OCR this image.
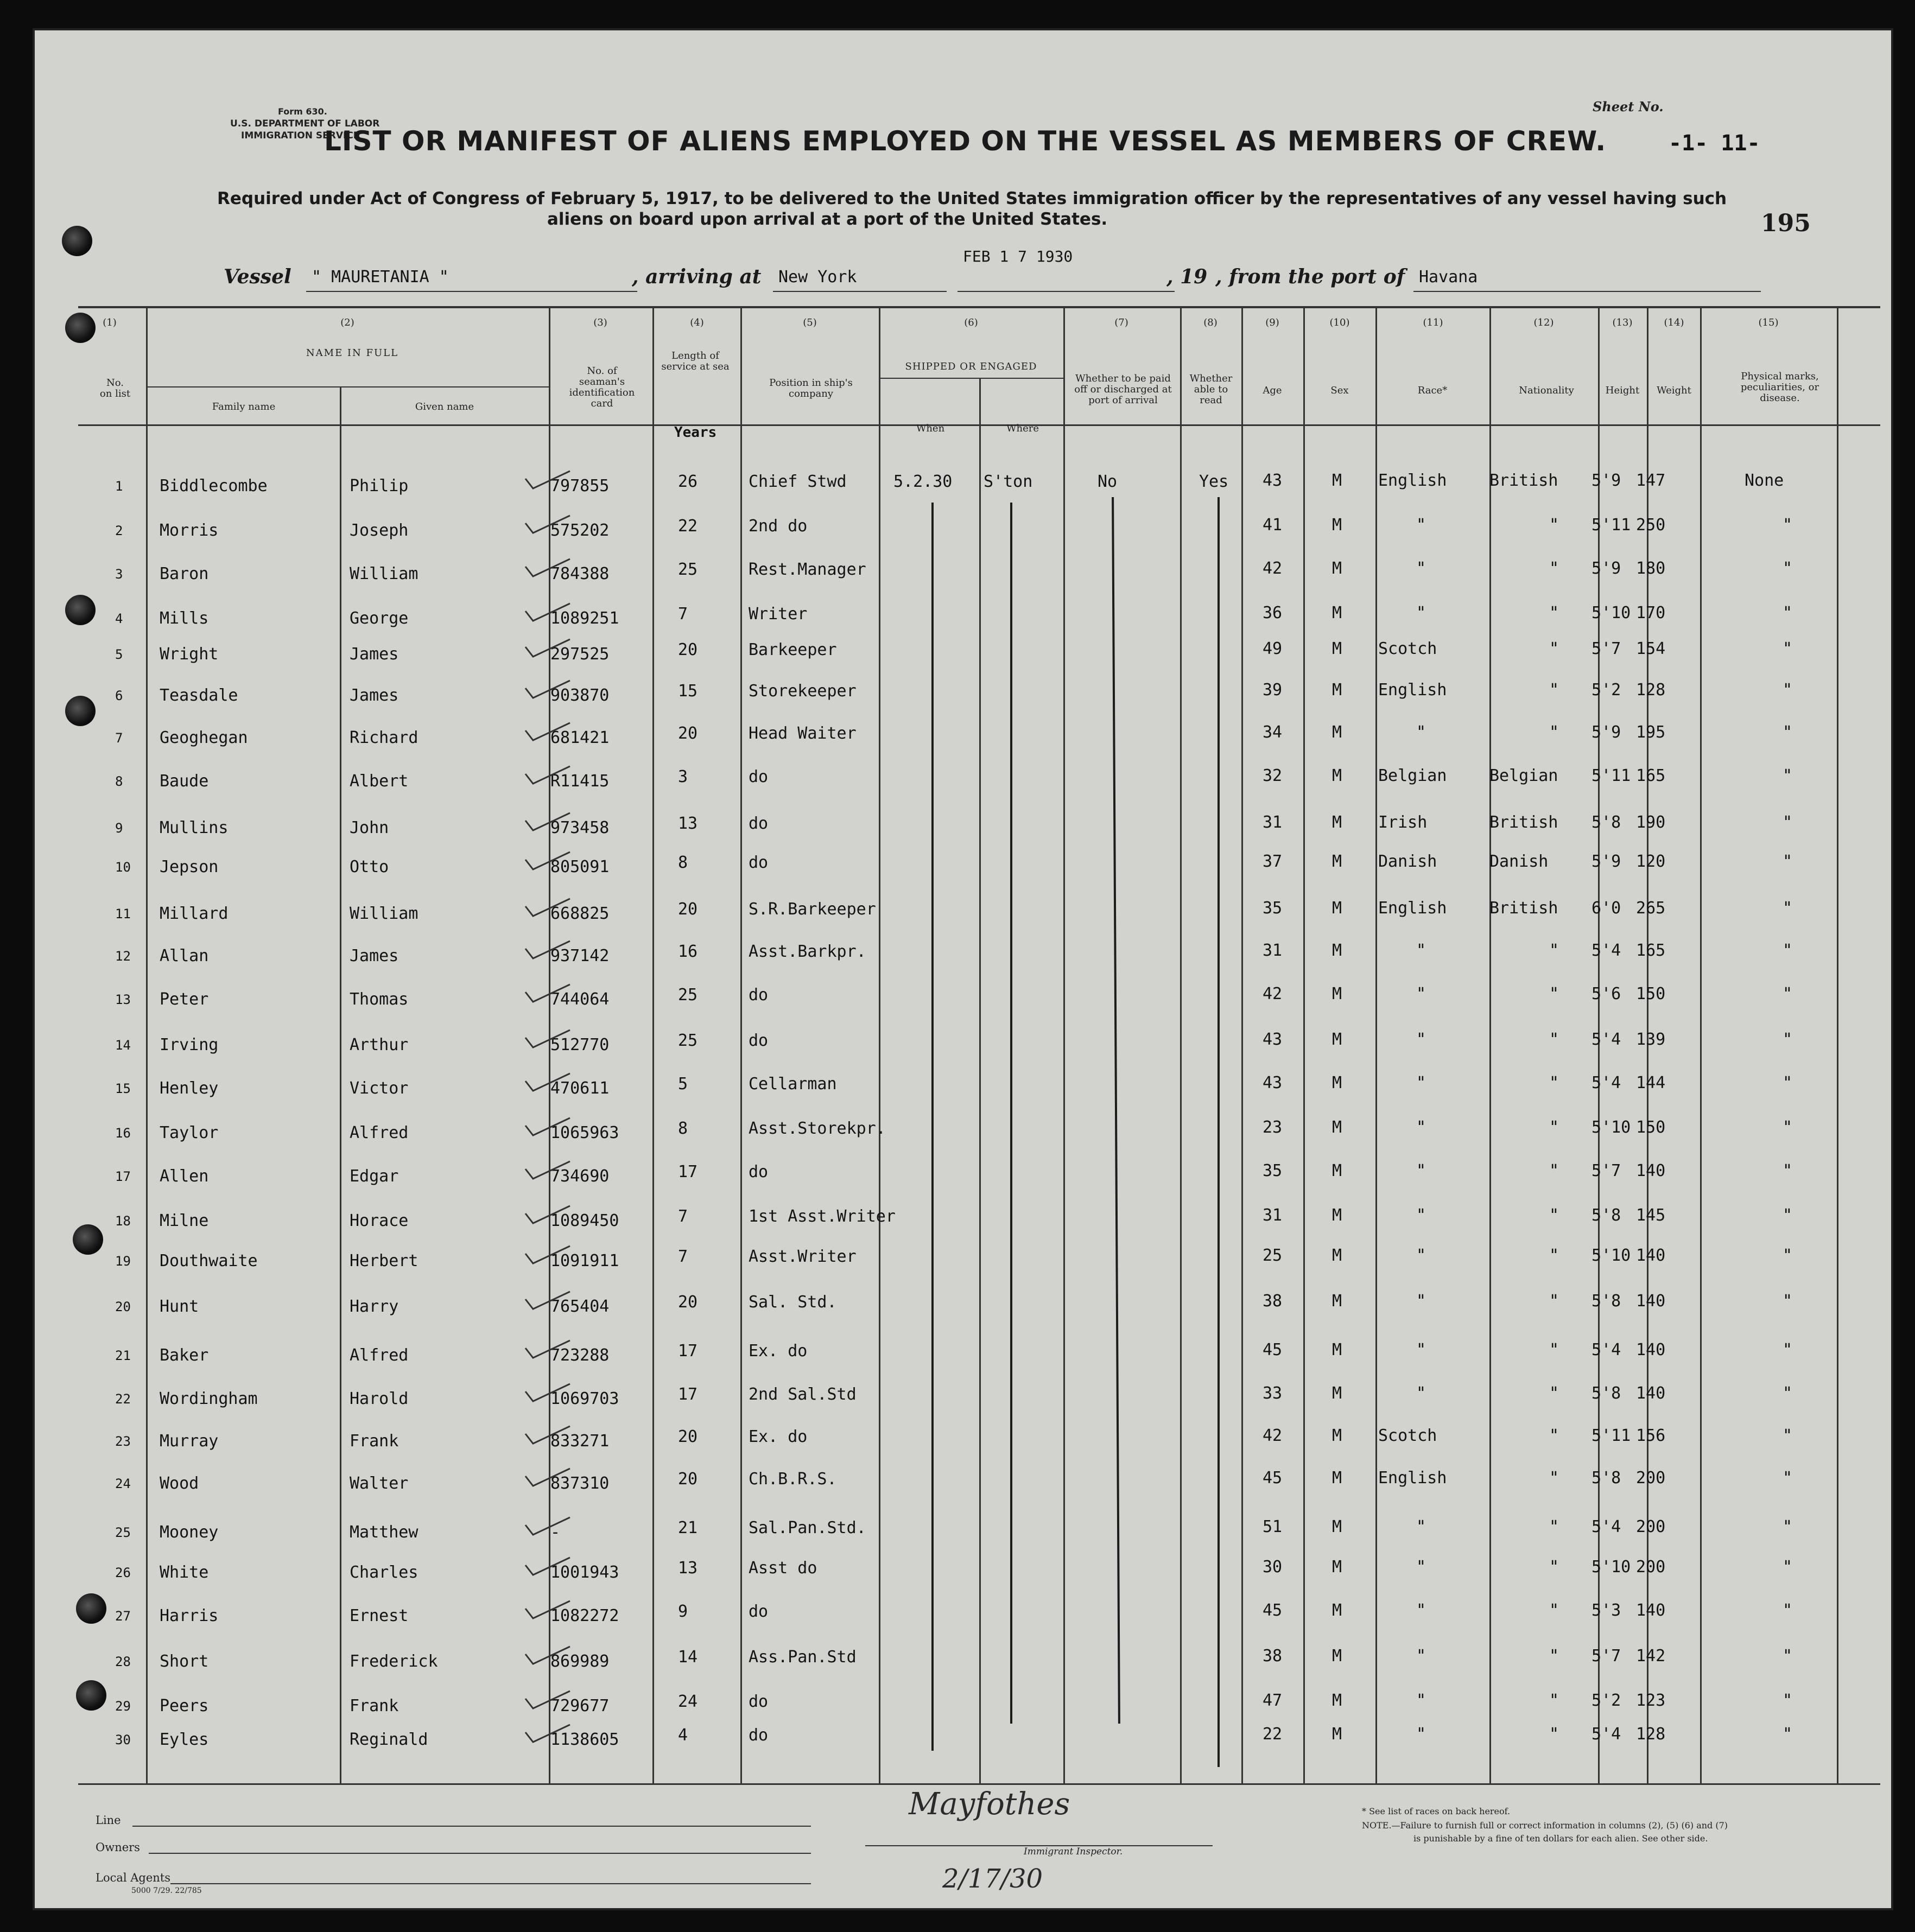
Form 630.
U.S. DEPARTMENT OF LABOR
IMMIGRATION SERVICE
Sheet No.
-1- 11-
LIST OR MANIFEST OF ALIENS EMPLOYED ON THE VESSEL AS MEMBERS OF CREW.
Required under Act of Congress of February 5, 1917, to be delivered to the United States immigration officer by the representatives of any vessel having such
aliens on board upon arrival at a port of the United States.	195
Vessel " MAURETANIA "	, arriving at New York
FEB 1 7 1930
, 19 , from the port of Havana
(1)	(2)	(3)	(4)	(5)	(6)	(7)	(8)	(9)	(10)	(11)	(12)	(13)	(14)	(15)
No. on list
NAME IN FULL
Family name	Given name
No. of seaman's identification card
Length of service at sea
Years
Position in ship's company
SHIPPED OR ENGAGED
When	Where
Whether to be paid off or discharged at port of arrival
Whether able to read
Age	Sex	Race*	Nationality	Height	Weight
Physical marks, peculiarities, or disease.
1 Biddlecombe	Philip	797855	26	Chief Stwd	5.2.30 S'ton	No	Yes 43	M English	British 5'9 147	None
2 Morris	Joseph	575202	22	2nd do	41	M	"	" 5'11 250	"
3 Baron	William	784388	25	Rest.Manager	42	M	"	" 5'9 180	"
4 Mills	George	1089251	7	Writer	36	M	"	" 5'10 170	"
5 Wright	James	297525	20	Barkeeper	49	M Scotch	" 5'7 154	"
6 Teasdale	James	903870	15	Storekeeper	39	M English	" 5'2 128	"
7 Geoghegan	Richard	681421	20	Head Waiter	34	M	"	" 5'9 195	"
8 Baude	Albert	R11415	3	do	32	M Belgian	Belgian 5'11 165	"
9 Mullins	John	973458	13	do	31	M Irish	British 5'8 190	"
10 Jepson	Otto	805091	8	do	37	M Danish	Danish	5'9 120	"
11 Millard	William	668825	20	S.R.Barkeeper	35	M English	British 6'0 265	"
12 Allan	James	937142	16	Asst.Barkpr.	31	M	"	" 5'4 165	"
13 Peter	Thomas	744064	25	do	42	M	"	" 5'6 150	"
14 Irving	Arthur	512770	25	do	43	M	"	" 5'4 139	"
15 Henley	Victor	470611	5	Cellarman	43	M	"	" 5'4 144	"
16 Taylor	Alfred	1065963	8	Asst.Storekpr.	23	M	"	" 5'10 150	"
17 Allen	Edgar	734690	17	do	35	M	"	" 5'7 140	"
18 Milne	Horace	1089450	7	1st Asst.Writer	31	M	"	" 5'8 145	"
19 Douthwaite	Herbert	1091911	7	Asst.Writer	25	M	"	" 5'10 140	"
20 Hunt	Harry	765404	20	Sal. Std.	38	M	"	" 5'8 140	"
21 Baker	Alfred	723288	17	Ex. do	45	M	"	" 5'4 140	"
22 Wordingham	Harold	1069703	17	2nd Sal.Std	33	M	"	" 5'8 140	"
23 Murray	Frank	833271	20	Ex. do	42	M Scotch	" 5'11 156	"
24 Wood	Walter	837310	20	Ch.B.R.S.	45	M English	" 5'8 200	"
25 Mooney	Matthew	-	21	Sal.Pan.Std.	51	M	"	" 5'4 200	"
26 White	Charles	1001943	13	Asst do	30	M	"	" 5'10 200	"
27 Harris	Ernest	1082272	9	do	45	M	"	" 5'3 140	"
28 Short	Frederick	869989	14	Ass.Pan.Std	38	M	"	" 5'7 142	"
29 Peers	Frank	729677	24	do	47	M	"	" 5'2 123	"
30 Eyles	Reginald	1138605	4	do	22	M	"	" 5'4 128	"
Line
Owners
Local Agents
5000 7/29. 22/785
Mayfothes
Immigrant Inspector.
2/17/30
* See list of races on back hereof.
NOTE.—Failure to furnish full or correct information in columns (2), (5) (6) and (7)
is punishable by a fine of ten dollars for each alien. See other side.
